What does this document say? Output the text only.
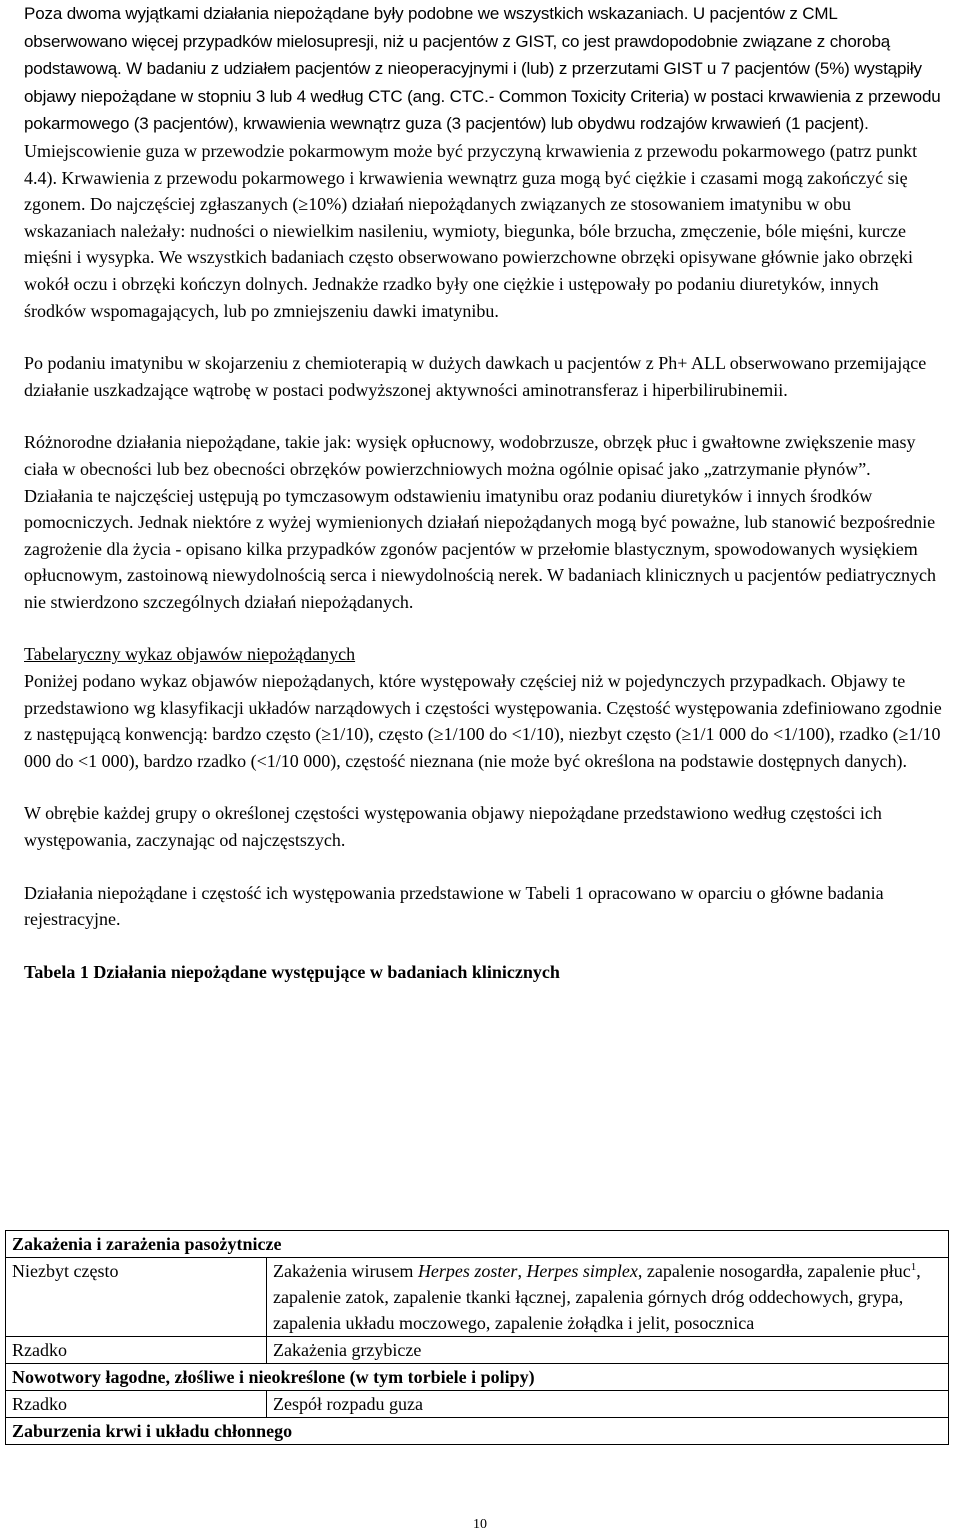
Poza dwoma wyjątkami działania niepożądane były podobne we wszystkich wskazaniach. U pacjentów z CML obserwowano więcej przypadków mielosupresji, niż u pacjentów z GIST, co jest prawdopodobnie związane z chorobą podstawową. W badaniu z udziałem pacjentów z nieoperacyjnymi i (lub) z przerzutami GIST u 7 pacjentów (5%) wystąpiły objawy niepożądane w stopniu 3 lub 4 według CTC (ang. CTC.- Common Toxicity Criteria) w postaci krwawienia z przewodu pokarmowego (3 pacjentów), krwawienia wewnątrz guza (3 pacjentów) lub obydwu rodzajów krwawień (1 pacjent). Umiejscowienie guza w przewodzie pokarmowym może być przyczyną krwawienia z przewodu pokarmowego (patrz punkt 4.4). Krwawienia z przewodu pokarmowego i krwawienia wewnątrz guza mogą być ciężkie i czasami mogą zakończyć się zgonem. Do najczęściej zgłaszanych (≥10%) działań niepożądanych związanych ze stosowaniem imatynibu w obu wskazaniach należały: nudności o niewielkim nasileniu, wymioty, biegunka, bóle brzucha, zmęczenie, bóle mięśni, kurcze mięśni i wysypka. We wszystkich badaniach często obserwowano powierzchowne obrzęki opisywane głównie jako obrzęki wokół oczu i obrzęki kończyn dolnych. Jednakże rzadko były one ciężkie i ustępowały po podaniu diuretyków, innych środków wspomagających, lub po zmniejszeniu dawki imatynibu.

Po podaniu imatynibu w skojarzeniu z chemioterapią w dużych dawkach u pacjentów z Ph+ ALL obserwowano przemijające działanie uszkadzające wątrobę w postaci podwyższonej aktywności aminotransferaz i hiperbilirubinemii.

Różnorodne działania niepożądane, takie jak: wysięk opłucnowy, wodobrzusze, obrzęk płuc i gwałtowne zwiększenie masy ciała w obecności lub bez obecności obrzęków powierzchniowych można ogólnie opisać jako „zatrzymanie płynów”. Działania te najczęściej ustępują po tymczasowym odstawieniu imatynibu oraz podaniu diuretyków i innych środków pomocniczych. Jednak niektóre z wyżej wymienionych działań niepożądanych mogą być poważne, lub stanowić bezpośrednie zagrożenie dla życia - opisano kilka przypadków zgonów pacjentów w przełomie blastycznym, spowodowanych wysiękiem opłucnowym, zastoinową niewydolnością serca i niewydolnością nerek. W badaniach klinicznych u pacjentów pediatrycznych nie stwierdzono szczególnych działań niepożądanych.

Tabelaryczny wykaz objawów niepożądanych

Poniżej podano wykaz objawów niepożądanych, które występowały częściej niż w pojedynczych przypadkach. Objawy te przedstawiono wg klasyfikacji układów narządowych i częstości występowania. Częstość występowania zdefiniowano zgodnie z następującą konwencją: bardzo często (≥1/10), często (≥1/100 do <1/10), niezbyt często (≥1/1 000 do <1/100), rzadko (≥1/10 000 do <1 000), bardzo rzadko (<1/10 000), częstość nieznana (nie może być określona na podstawie dostępnych danych).

W obrębie każdej grupy o określonej częstości występowania objawy niepożądane przedstawiono według częstości ich występowania, zaczynając od najczęstszych.

Działania niepożądane i częstość ich występowania przedstawione w Tabeli 1 opracowano w oparciu o główne badania rejestracyjne.

Tabela 1 Działania niepożądane występujące w badaniach klinicznych

Zakażenia i zarażenia pasożytnicze	
Niezbyt często	Zakażenia wirusem Herpes zoster, Herpes simplex, zapalenie nosogardła, zapalenie płuc$^1$, zapalenie zatok, zapalenie tkanki łącznej, zapalenia górnych dróg oddechowych, grypa, zapalenia układu moczowego, zapalenie żołądka i jelit, posocznica
Rzadko	Zakażenia grzybicze
Nowotwory łagodne, złośliwe i nieokreślone (w tym torbiele i polipy)	
Rzadko	Zespół rozpadu guza
Zaburzenia krwi i układu chłonnego	
10
